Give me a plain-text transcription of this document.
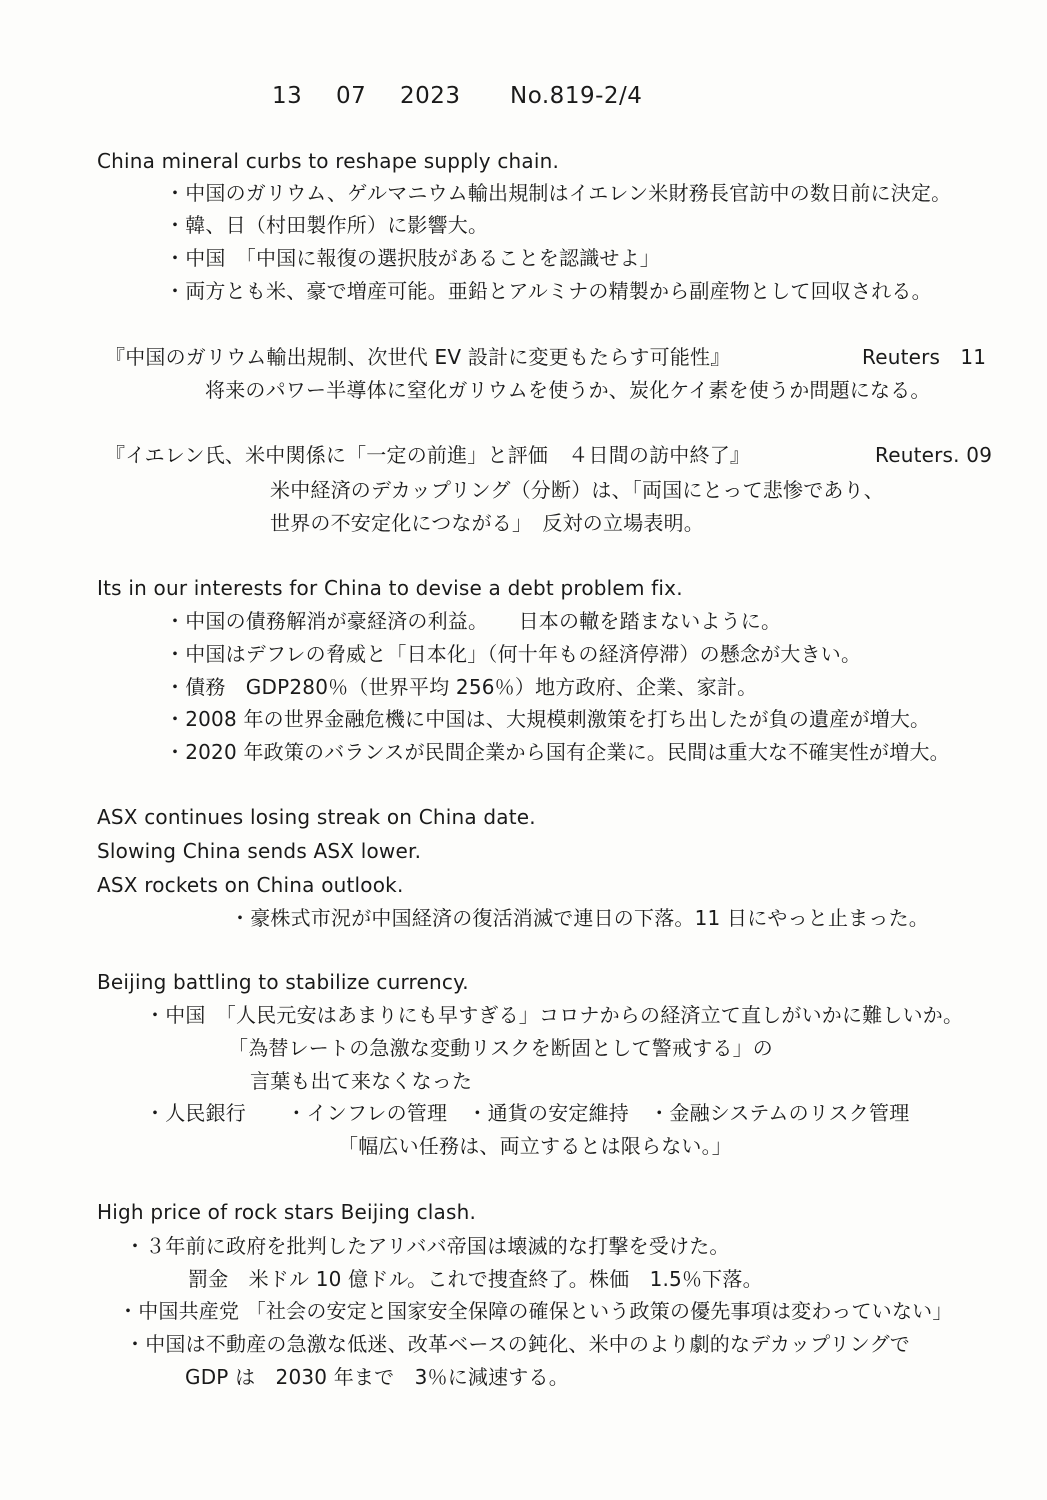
13 07 2023 No.819-2/4
China mineral curbs to reshape supply chain.
・中国のガリウム、ゲルマニウム輸出規制はイエレン米財務長官訪中の数日前に決定。
・韓、日（村田製作所）に影響大。
・中国　「中国に報復の選択肢があることを認識せよ」
・両方とも米、豪で増産可能。亜鉛とアルミナの精製から副産物として回収される。
『中国のガリウム輸出規制、次世代 EV 設計に変更もたらす可能性』	Reuters　11
将来のパワー半導体に窒化ガリウムを使うか、炭化ケイ素を使うか問題になる。
『イエレン氏、米中関係に「一定の前進」と評価　４日間の訪中終了』	Reuters. 09
米中経済のデカップリング（分断）は、「両国にとって悲惨であり、
世界の不安定化につながる」　反対の立場表明。
Its in our interests for China to devise a debt problem fix.
・中国の債務解消が豪経済の利益。　　日本の轍を踏まないように。
・中国はデフレの脅威と「日本化」（何十年もの経済停滞）の懸念が大きい。
・債務　GDP280％（世界平均 256％）地方政府、企業、家計。
・2008 年の世界金融危機に中国は、大規模刺激策を打ち出したが負の遺産が増大。
・2020 年政策のバランスが民間企業から国有企業に。民間は重大な不確実性が増大。
ASX continues losing streak on China date.
Slowing China sends ASX lower.
ASX rockets on China outlook.
・豪株式市況が中国経済の復活消滅で連日の下落。11 日にやっと止まった。
Beijing battling to stabilize currency.
・中国　「人民元安はあまりにも早すぎる」コロナからの経済立て直しがいかに難しいか。
「為替レートの急激な変動リスクを断固として警戒する」の
言葉も出て来なくなった
・人民銀行　　・インフレの管理　・通貨の安定維持　・金融システムのリスク管理
「幅広い任務は、両立するとは限らない。」
High price of rock stars Beijing clash.
・３年前に政府を批判したアリババ帝国は壊滅的な打撃を受けた。
罰金　米ドル 10 億ドル。これで捜査終了。株価　1.5％下落。
・中国共産党 「社会の安定と国家安全保障の確保という政策の優先事項は変わっていない」
・中国は不動産の急激な低迷、改革ベースの鈍化、米中のより劇的なデカップリングで
GDP は　2030 年まで　3％に減速する。
